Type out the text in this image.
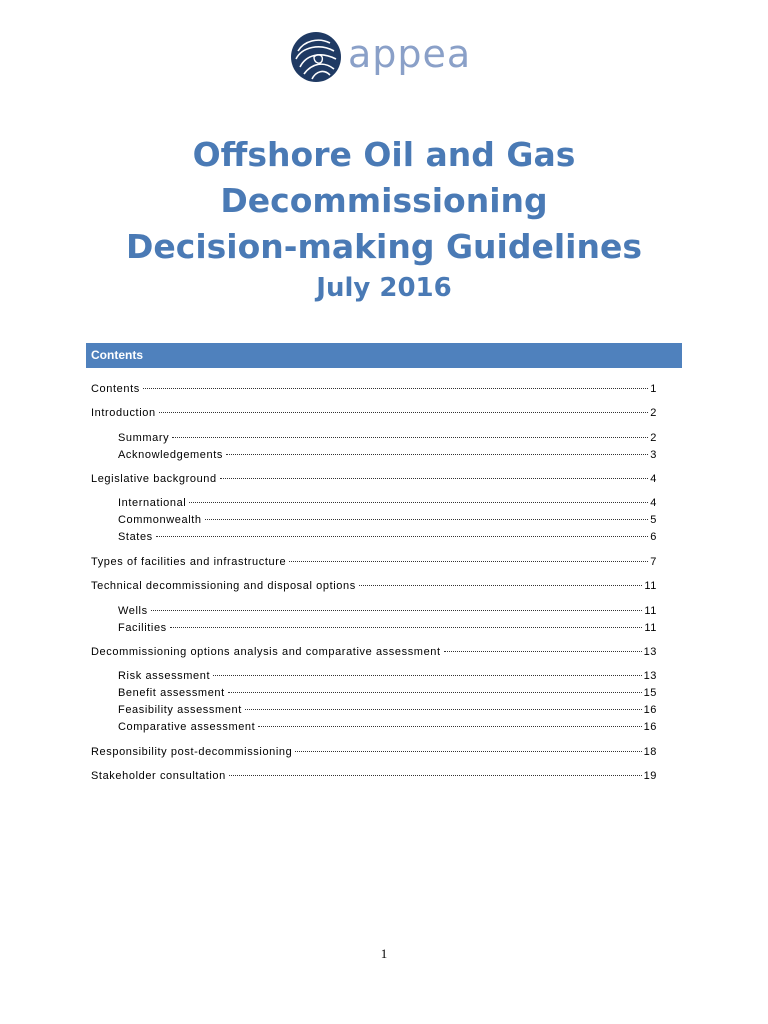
appea
Offshore Oil and Gas
Decommissioning
Decision-making Guidelines
July 2016
Contents
Contents	1
Introduction	2
Summary	2
Acknowledgements	3
Legislative background	4
International	4
Commonwealth	5
States	6
Types of facilities and infrastructure	7
Technical decommissioning and disposal options	11
Wells	11
Facilities	11
Decommissioning options analysis and comparative assessment	13
Risk assessment	13
Benefit assessment	15
Feasibility assessment	16
Comparative assessment	16
Responsibility post-decommissioning	18
Stakeholder consultation	19
1
